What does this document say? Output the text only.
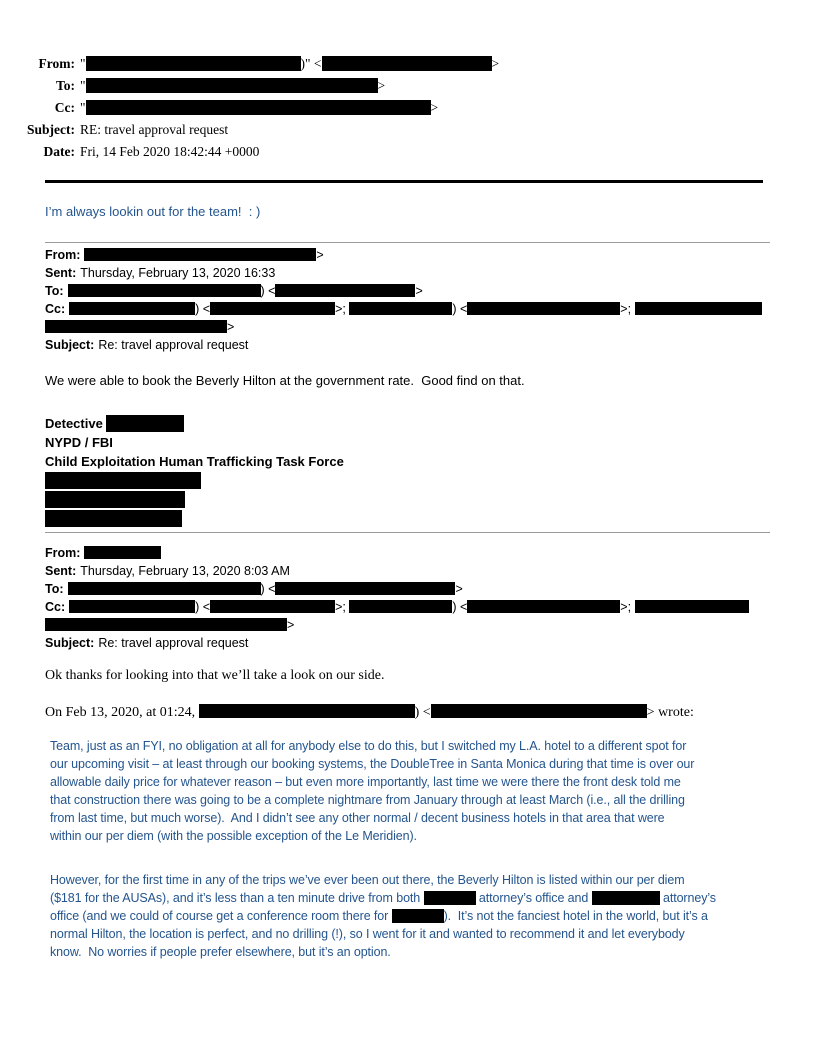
From: "	)" <	>
To: "	>
Cc: "	>
Subject: RE: travel approval request
Date: Fri, 14 Feb 2020 18:42:44 +0000
I’m always lookin out for the team!  : )
From:	>
Sent: Thursday, February 13, 2020 16:33
To:	) <	>
Cc:	) <	>;	) <	>;
>
Subject: Re: travel approval request
We were able to book the Beverly Hilton at the government rate.  Good find on that.
Detective
NYPD / FBI
Child Exploitation Human Trafficking Task Force
From:
Sent: Thursday, February 13, 2020 8:03 AM
To:	) <	>
Cc:	) <	>;	) <	>;
>
Subject: Re: travel approval request
Ok thanks for looking into that we’ll take a look on our side.
On Feb 13, 2020, at 01:24,	) <	> wrote:
Team, just as an FYI, no obligation at all for anybody else to do this, but I switched my L.A. hotel to a different spot for
our upcoming visit – at least through our booking systems, the DoubleTree in Santa Monica during that time is over our
allowable daily price for whatever reason – but even more importantly, last time we were there the front desk told me
that construction there was going to be a complete nightmare from January through at least March (i.e., all the drilling
from last time, but much worse).  And I didn’t see any other normal / decent business hotels in that area that were
within our per diem (with the possible exception of the Le Meridien).
However, for the first time in any of the trips we’ve ever been out there, the Beverly Hilton is listed within our per diem
($181 for the AUSAs), and it’s less than a ten minute drive from both	attorney’s office and	attorney’s
office (and we could of course get a conference room there for	).  It’s not the fanciest hotel in the world, but it’s a
normal Hilton, the location is perfect, and no drilling (!), so I went for it and wanted to recommend it and let everybody
know.  No worries if people prefer elsewhere, but it’s an option.
